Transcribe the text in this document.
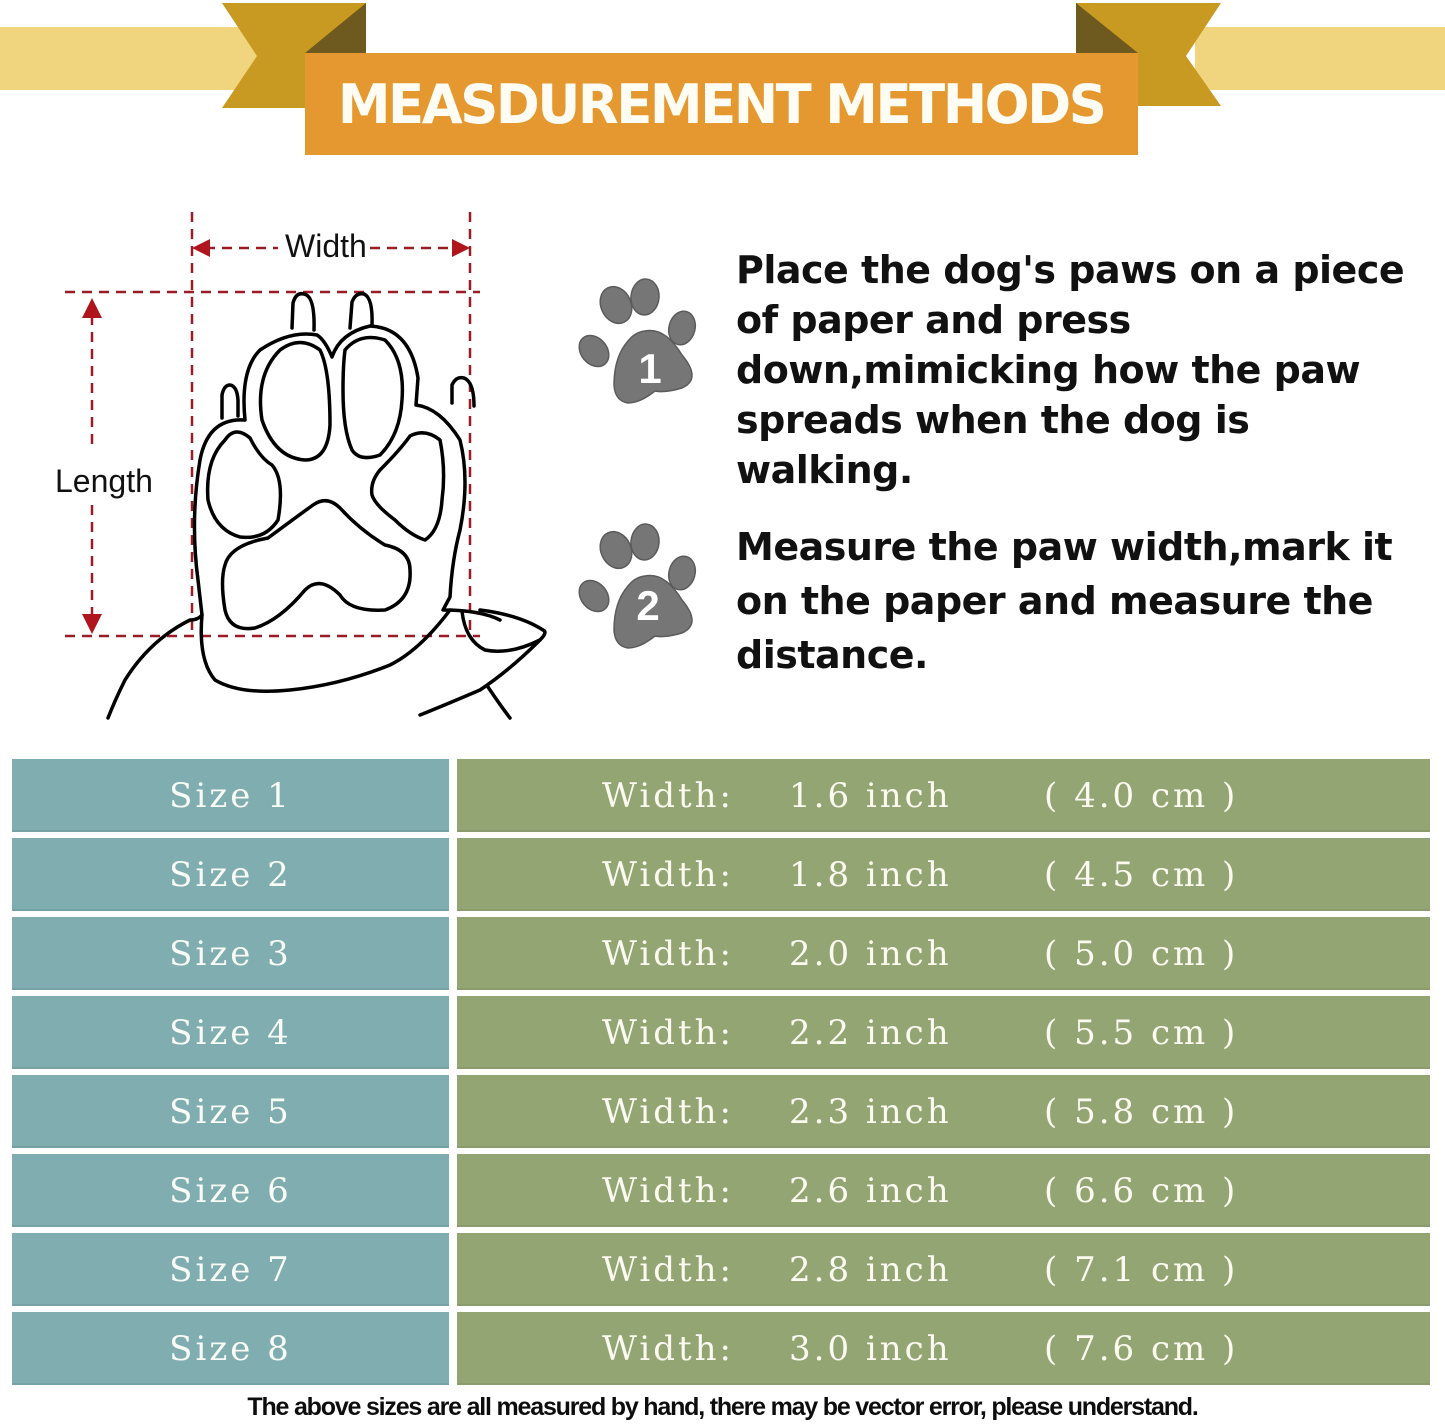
MEASDUREMENT METHODS
Width
Length
1
Place the dog's paws on a piece of paper and press down,mimicking how the paw spreads when the dog is walking.
2
Measure the paw width,mark it on the paper and measure the distance.
Size 1	Width: 1.6 inch	( 4.0 cm )
Size 2	Width: 1.8 inch	( 4.5 cm )
Size 3	Width: 2.0 inch	( 5.0 cm )
Size 4	Width: 2.2 inch	( 5.5 cm )
Size 5	Width: 2.3 inch	( 5.8 cm )
Size 6	Width: 2.6 inch	( 6.6 cm )
Size 7	Width: 2.8 inch	( 7.1 cm )
Size 8	Width: 3.0 inch	( 7.6 cm )
The above sizes are all measured by hand, there may be vector error, please understand.
